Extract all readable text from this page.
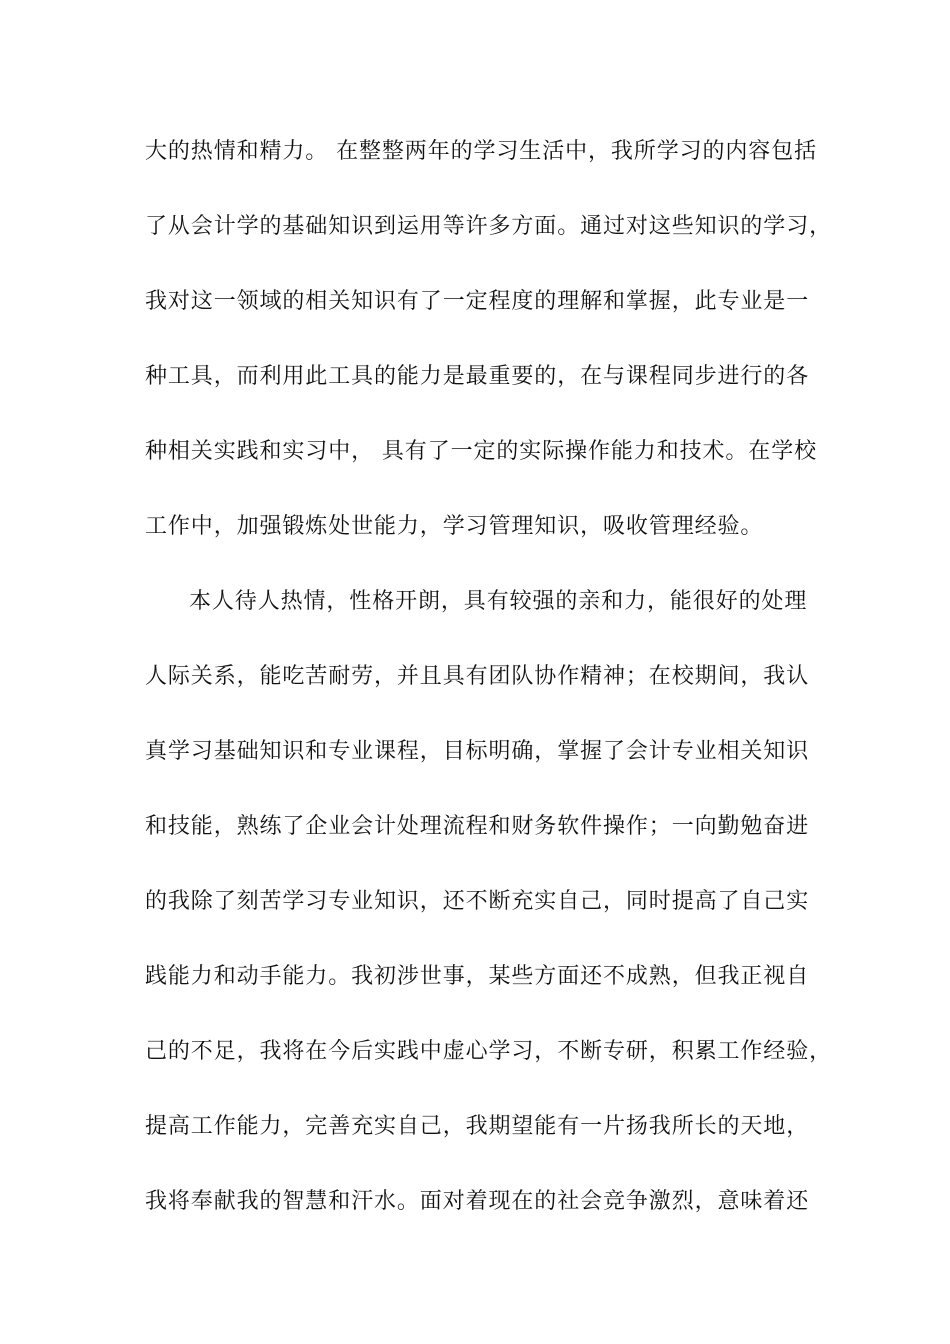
大的热情和精力。 在整整两年的学习生活中，我所学习的内容包括
了从会计学的基础知识到运用等许多方面。通过对这些知识的学习，
我对这一领域的相关知识有了一定程度的理解和掌握，此专业是一
种工具，而利用此工具的能力是最重要的，在与课程同步进行的各
种相关实践和实习中， 具有了一定的实际操作能力和技术。在学校
工作中，加强锻炼处世能力，学习管理知识，吸收管理经验。
本人待人热情，性格开朗，具有较强的亲和力，能很好的处理
人际关系，能吃苦耐劳，并且具有团队协作精神；在校期间，我认
真学习基础知识和专业课程，目标明确，掌握了会计专业相关知识
和技能，熟练了企业会计处理流程和财务软件操作；一向勤勉奋进
的我除了刻苦学习专业知识，还不断充实自己，同时提高了自己实
践能力和动手能力。我初涉世事，某些方面还不成熟，但我正视自
己的不足，我将在今后实践中虚心学习，不断专研，积累工作经验，
提高工作能力，完善充实自己，我期望能有一片扬我所长的天地，
我将奉献我的智慧和汗水。面对着现在的社会竞争激烈，意味着还
